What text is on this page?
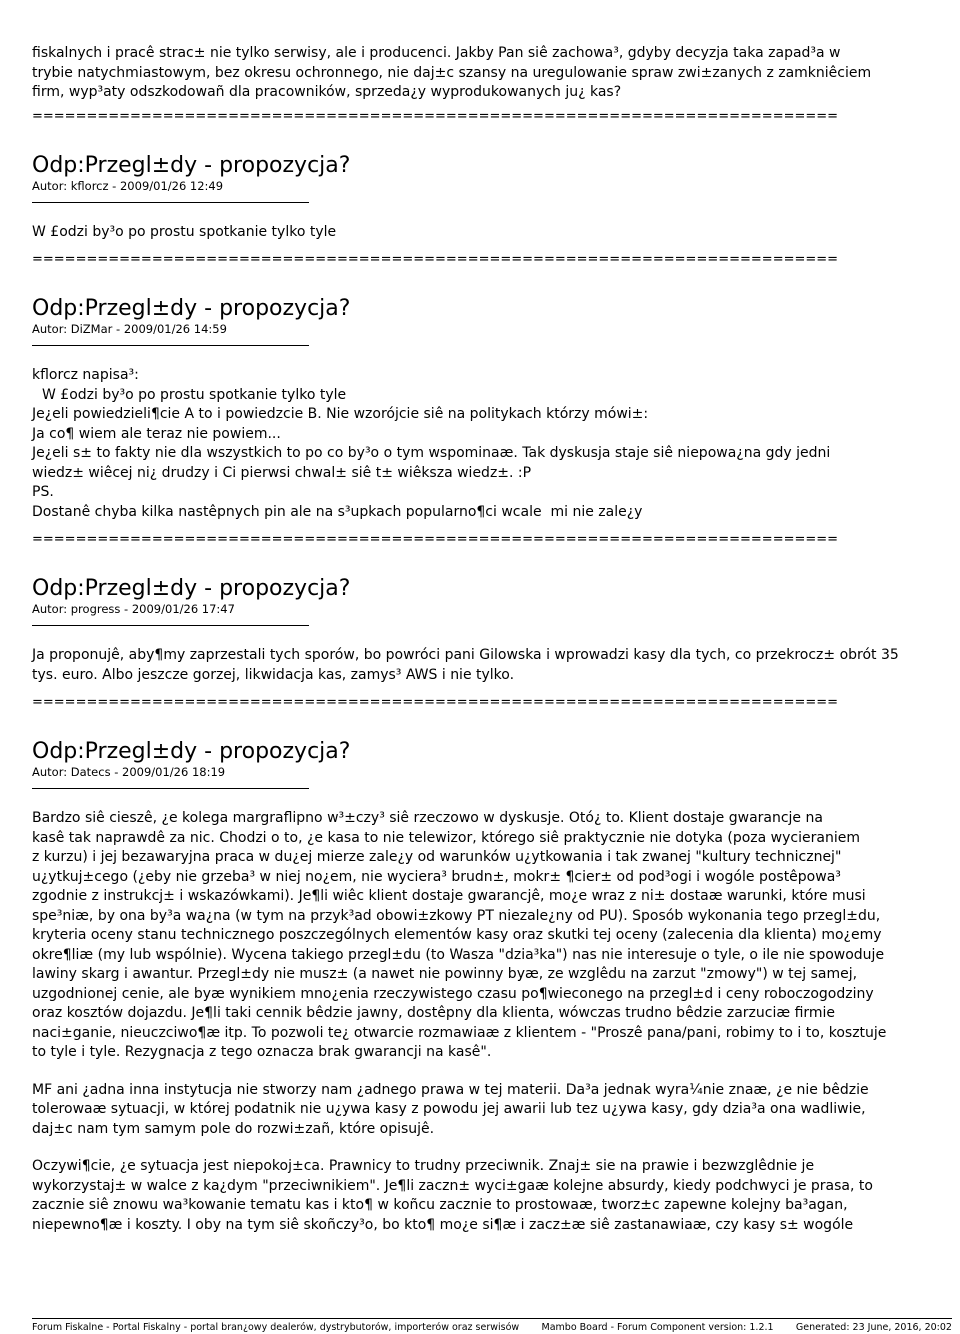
fiskalnych i pracê strac± nie tylko serwisy, ale i producenci. Jakby Pan siê zachowa³, gdyby decyzja taka zapad³a w

trybie natychmiastowym, bez okresu ochronnego, nie daj±c szansy na uregulowanie spraw zwi±zanych z zamkniêciem

firm, wyp³aty odszkodowañ dla pracowników, sprzeda¿y wyprodukowanych ju¿ kas?

==========================================================================

Odp:Przegl±dy - propozycja?

Autor: kflorcz - 2009/01/26 12:49

W £odzi by³o po prostu spotkanie tylko tyle

==========================================================================

Odp:Przegl±dy - propozycja?

Autor: DiZMar - 2009/01/26 14:59

kflorcz napisa³:

W £odzi by³o po prostu spotkanie tylko tyle

Je¿eli powiedzieli¶cie A to i powiedzcie B. Nie wzorójcie siê na politykach którzy mówi±:

Ja co¶ wiem ale teraz nie powiem...

Je¿eli s± to fakty nie dla wszystkich to po co by³o o tym wspominaæ. Tak dyskusja staje siê niepowa¿na gdy jedni

wiedz± wiêcej ni¿ drudzy i Ci pierwsi chwal± siê t± wiêksza wiedz±. :P

PS.

Dostanê chyba kilka nastêpnych pin ale na s³upkach popularno¶ci wcale  mi nie zale¿y

==========================================================================

Odp:Przegl±dy - propozycja?

Autor: progress - 2009/01/26 17:47

Ja proponujê, aby¶my zaprzestali tych sporów, bo powróci pani Gilowska i wprowadzi kasy dla tych, co przekrocz± obrót 35

tys. euro. Albo jeszcze gorzej, likwidacja kas, zamys³ AWS i nie tylko.

==========================================================================

Odp:Przegl±dy - propozycja?

Autor: Datecs - 2009/01/26 18:19

Bardzo siê cieszê, ¿e kolega margraflipno w³±czy³ siê rzeczowo w dyskusje. Otó¿ to. Klient dostaje gwarancje na

kasê tak naprawdê za nic. Chodzi o to, ¿e kasa to nie telewizor, którego siê praktycznie nie dotyka (poza wycieraniem

z kurzu) i jej bezawaryjna praca w du¿ej mierze zale¿y od warunków u¿ytkowania i tak zwanej "kultury technicznej"

u¿ytkuj±cego (¿eby nie grzeba³ w niej no¿em, nie wyciera³ brudn±, mokr± ¶cier± od pod³ogi i wogóle postêpowa³

zgodnie z instrukcj± i wskazówkami). Je¶li wiêc klient dostaje gwarancjê, mo¿e wraz z ni± dostaæ warunki, które musi

spe³niæ, by ona by³a wa¿na (w tym na przyk³ad obowi±zkowy PT niezale¿ny od PU). Sposób wykonania tego przegl±du,

kryteria oceny stanu technicznego poszczególnych elementów kasy oraz skutki tej oceny (zalecenia dla klienta) mo¿emy

okre¶liæ (my lub wspólnie). Wycena takiego przegl±du (to Wasza "dzia³ka") nas nie interesuje o tyle, o ile nie spowoduje

lawiny skarg i awantur. Przegl±dy nie musz± (a nawet nie powinny byæ, ze wzglêdu na zarzut "zmowy") w tej samej,

uzgodnionej cenie, ale byæ wynikiem mno¿enia rzeczywistego czasu po¶wieconego na przegl±d i ceny roboczogodziny

oraz kosztów dojazdu. Je¶li taki cennik bêdzie jawny, dostêpny dla klienta, wówczas trudno bêdzie zarzuciæ firmie

naci±ganie, nieuczciwo¶æ itp. To pozwoli te¿ otwarcie rozmawiaæ z klientem - "Proszê pana/pani, robimy to i to, kosztuje

to tyle i tyle. Rezygnacja z tego oznacza brak gwarancji na kasê".

MF ani ¿adna inna instytucja nie stworzy nam ¿adnego prawa w tej materii. Da³a jednak wyra¼nie znaæ, ¿e nie bêdzie

tolerowaæ sytuacji, w której podatnik nie u¿ywa kasy z powodu jej awarii lub tez u¿ywa kasy, gdy dzia³a ona wadliwie,

daj±c nam tym samym pole do rozwi±zañ, które opisujê.

Oczywi¶cie, ¿e sytuacja jest niepokoj±ca. Prawnicy to trudny przeciwnik. Znaj± sie na prawie i bezwzglêdnie je

wykorzystaj± w walce z ka¿dym "przeciwnikiem". Je¶li zaczn± wyci±gaæ kolejne absurdy, kiedy podchwyci je prasa, to

zacznie siê znowu wa³kowanie tematu kas i kto¶ w koñcu zacznie to prostowaæ, tworz±c zapewne kolejny ba³agan,

niepewno¶æ i koszty. I oby na tym siê skoñczy³o, bo kto¶ mo¿e si¶æ i zacz±æ siê zastanawiaæ, czy kasy s± wogóle

Forum Fiskalne - Portal Fiskalny - portal bran¿owy dealerów, dystrybutorów, importerów oraz serwisów Mambo Board - Forum Component version: 1.2.1 Generated: 23 June, 2016, 20:02
